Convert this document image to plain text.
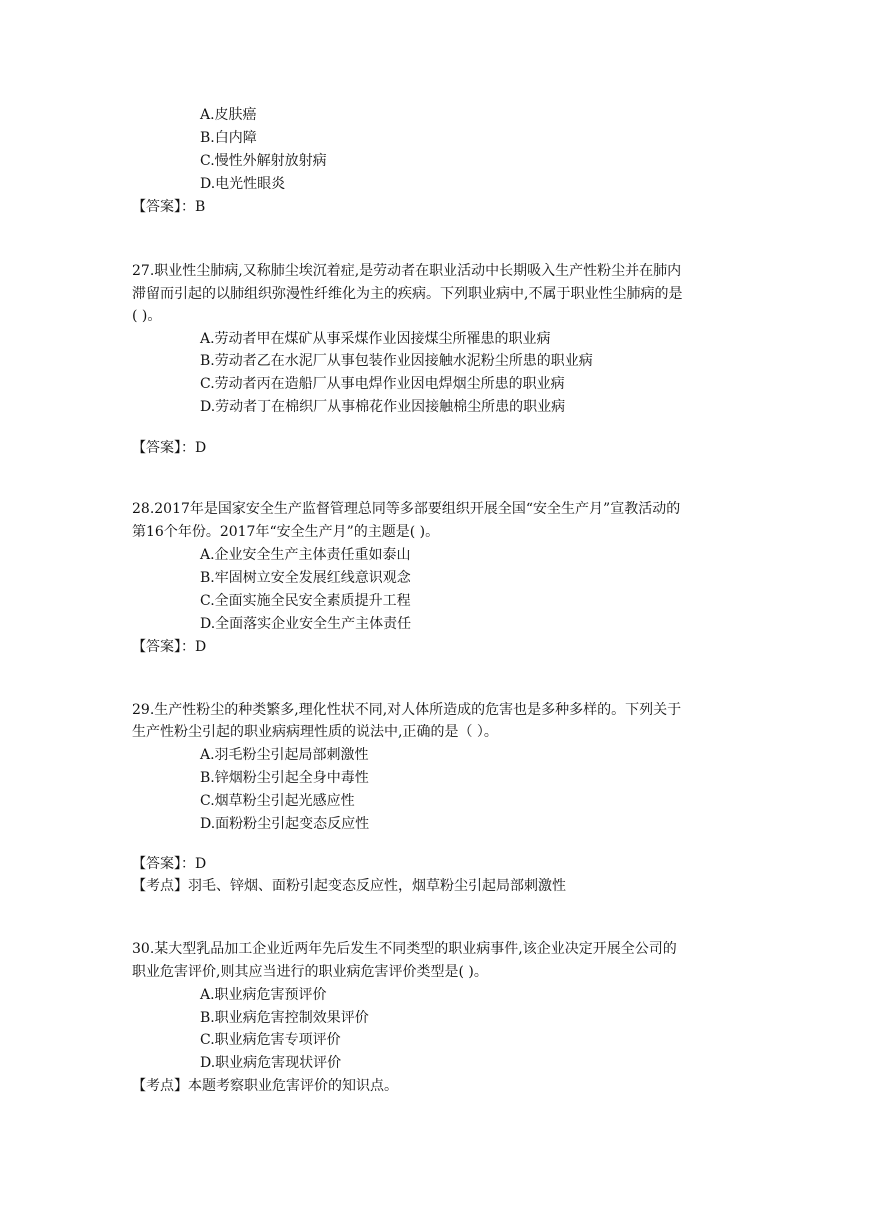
A.皮肤癌
B.白内障
C.慢性外解射放射病
D.电光性眼炎
【答案】：B
27.职业性尘肺病,又称肺尘埃沉着症,是劳动者在职业活动中长期吸入生产性粉尘并在肺内
滞留而引起的以肺组织弥漫性纤维化为主的疾病。下列职业病中,不属于职业性尘肺病的是
( )。
A.劳动者甲在煤矿从事采煤作业因接煤尘所罹患的职业病
B.劳动者乙在水泥厂从事包装作业因接触水泥粉尘所患的职业病
C.劳动者丙在造船厂从事电焊作业因电焊烟尘所患的职业病
D.劳动者丁在棉织厂从事棉花作业因接触棉尘所患的职业病
【答案】：D
28.2017年是国家安全生产监督管理总同等多部要组织开展全国“安全生产月”宣教活动的
第16个年份。2017年“安全生产月”的主题是( )。
A.企业安全生产主体责任重如泰山
B.牢固树立安全发展红线意识观念
C.全面实施全民安全素质提升工程
D.全面落实企业安全生产主体责任
【答案】：D
29.生产性粉尘的种类繁多,理化性状不同,对人体所造成的危害也是多种多样的。下列关于
生产性粉尘引起的职业病病理性质的说法中,正确的是（ ）。
A.羽毛粉尘引起局部刺激性
B.锌烟粉尘引起全身中毒性
C.烟草粉尘引起光感应性
D.面粉粉尘引起变态反应性
【答案】：D
【考点】羽毛、锌烟、面粉引起变态反应性，烟草粉尘引起局部刺激性
30.某大型乳品加工企业近两年先后发生不同类型的职业病事件,该企业决定开展全公司的
职业危害评价,则其应当进行的职业病危害评价类型是( )。
A.职业病危害预评价
B.职业病危害控制效果评价
C.职业病危害专项评价
D.职业病危害现状评价
【考点】本题考察职业危害评价的知识点。
